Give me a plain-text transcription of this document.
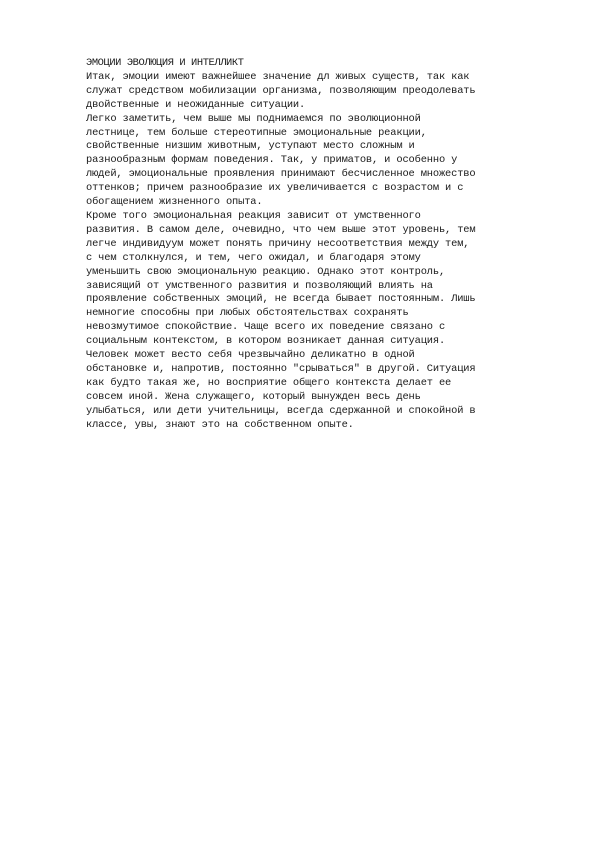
ЭМОЦИИ ЭВОЛЮЦИЯ И ИНТЕЛЛИКТ
Итак, эмоции имеют важнейшее значение дл живых существ, так как
служат средством мобилизации организма, позволяющим преодолевать
двойственные и неожиданные ситуации.
Легко заметить, чем выше мы поднимаемся по эволюционной
лестнице, тем больше стереотипные эмоциональные реакции,
свойственные низшим животным, уступают место сложным и
разнообразным формам поведения. Так, у приматов, и особенно у
людей, эмоциональные проявления принимают бесчисленное множество
оттенков; причем разнообразие их увеличивается с возрастом и с
обогащением жизненного опыта.
Кроме того эмоциональная реакция зависит от умственного
развития. В самом деле, очевидно, что чем выше этот уровень, тем
легче индивидуум может понять причину несоответствия между тем,
с чем столкнулся, и тем, чего ожидал, и благодаря этому
уменьшить свою эмоциональную реакцию. Однако этот контроль,
зависящий от умственного развития и позволяющий влиять на
проявление собственных эмоций, не всегда бывает постоянным. Лишь
немногие способны при любых обстоятельствах сохранять
невозмутимое спокойствие. Чаще всего их поведение связано с
социальным контекстом, в котором возникает данная ситуация.
Человек может весто себя чрезвычайно деликатно в одной
обстановке и, напротив, постоянно "срываться" в другой. Ситуация
как будто такая же, но восприятие общего контекста делает ее
совсем иной. Жена служащего, который вынужден весь день
улыбаться, или дети учительницы, всегда сдержанной и спокойной в
классе, увы, знают это на собственном опыте.
